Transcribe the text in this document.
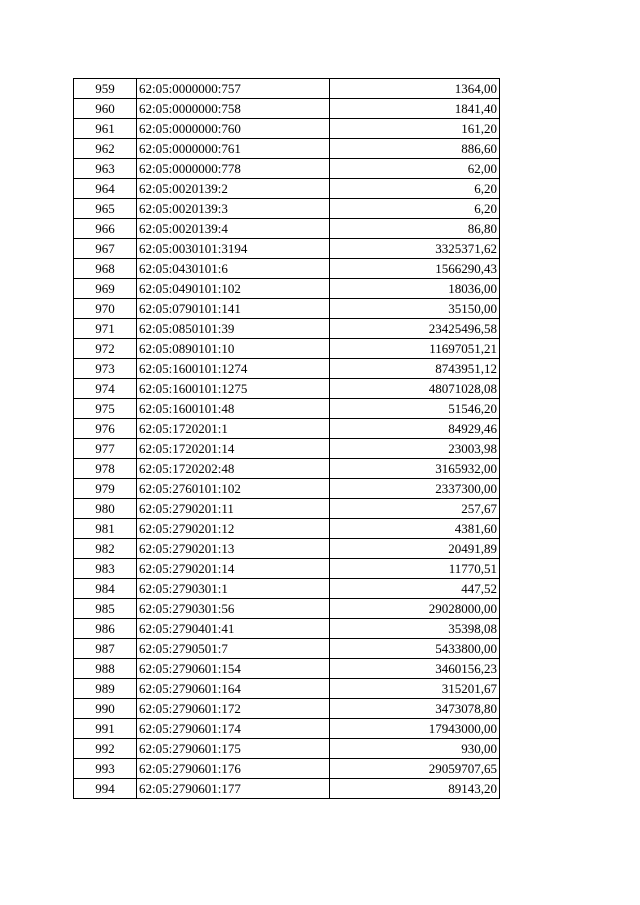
959	62:05:0000000:757	1364,00
960	62:05:0000000:758	1841,40
961	62:05:0000000:760	161,20
962	62:05:0000000:761	886,60
963	62:05:0000000:778	62,00
964	62:05:0020139:2	6,20
965	62:05:0020139:3	6,20
966	62:05:0020139:4	86,80
967	62:05:0030101:3194	3325371,62
968	62:05:0430101:6	1566290,43
969	62:05:0490101:102	18036,00
970	62:05:0790101:141	35150,00
971	62:05:0850101:39	23425496,58
972	62:05:0890101:10	11697051,21
973	62:05:1600101:1274	8743951,12
974	62:05:1600101:1275	48071028,08
975	62:05:1600101:48	51546,20
976	62:05:1720201:1	84929,46
977	62:05:1720201:14	23003,98
978	62:05:1720202:48	3165932,00
979	62:05:2760101:102	2337300,00
980	62:05:2790201:11	257,67
981	62:05:2790201:12	4381,60
982	62:05:2790201:13	20491,89
983	62:05:2790201:14	11770,51
984	62:05:2790301:1	447,52
985	62:05:2790301:56	29028000,00
986	62:05:2790401:41	35398,08
987	62:05:2790501:7	5433800,00
988	62:05:2790601:154	3460156,23
989	62:05:2790601:164	315201,67
990	62:05:2790601:172	3473078,80
991	62:05:2790601:174	17943000,00
992	62:05:2790601:175	930,00
993	62:05:2790601:176	29059707,65
994	62:05:2790601:177	89143,20
